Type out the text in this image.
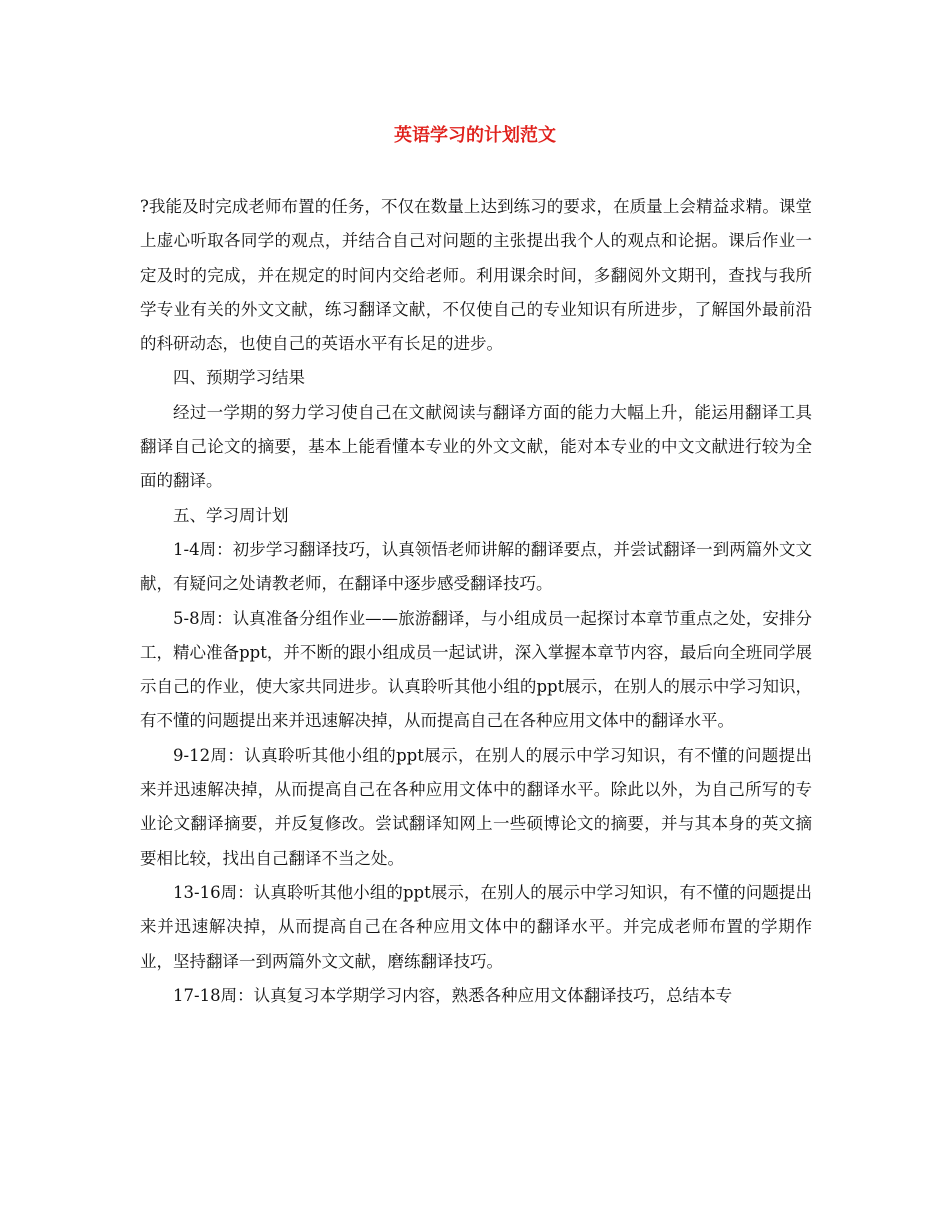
英语学习的计划范文

?我能及时完成老师布置的任务，不仅在数量上达到练习的要求，在质量上会精益求精。课堂上虚心听取各同学的观点，并结合自己对问题的主张提出我个人的观点和论据。课后作业一定及时的完成，并在规定的时间内交给老师。利用课余时间，多翻阅外文期刊，查找与我所学专业有关的外文文献，练习翻译文献，不仅使自己的专业知识有所进步，了解国外最前沿的科研动态，也使自己的英语水平有长足的进步。

四、预期学习结果

经过一学期的努力学习使自己在文献阅读与翻译方面的能力大幅上升，能运用翻译工具翻译自己论文的摘要，基本上能看懂本专业的外文文献，能对本专业的中文文献进行较为全面的翻译。

五、学习周计划

1-4周：初步学习翻译技巧，认真领悟老师讲解的翻译要点，并尝试翻译一到两篇外文文献，有疑问之处请教老师，在翻译中逐步感受翻译技巧。

5-8周：认真准备分组作业——旅游翻译，与小组成员一起探讨本章节重点之处，安排分工，精心准备ppt，并不断的跟小组成员一起试讲，深入掌握本章节内容，最后向全班同学展示自己的作业，使大家共同进步。认真聆听其他小组的ppt展示，在别人的展示中学习知识，有不懂的问题提出来并迅速解决掉，从而提高自己在各种应用文体中的翻译水平。

9-12周：认真聆听其他小组的ppt展示，在别人的展示中学习知识，有不懂的问题提出来并迅速解决掉，从而提高自己在各种应用文体中的翻译水平。除此以外，为自己所写的专业论文翻译摘要，并反复修改。尝试翻译知网上一些硕博论文的摘要，并与其本身的英文摘要相比较，找出自己翻译不当之处。

13-16周：认真聆听其他小组的ppt展示，在别人的展示中学习知识，有不懂的问题提出来并迅速解决掉，从而提高自己在各种应用文体中的翻译水平。并完成老师布置的学期作业，坚持翻译一到两篇外文文献，磨练翻译技巧。

17-18周：认真复习本学期学习内容，熟悉各种应用文体翻译技巧，总结本专
